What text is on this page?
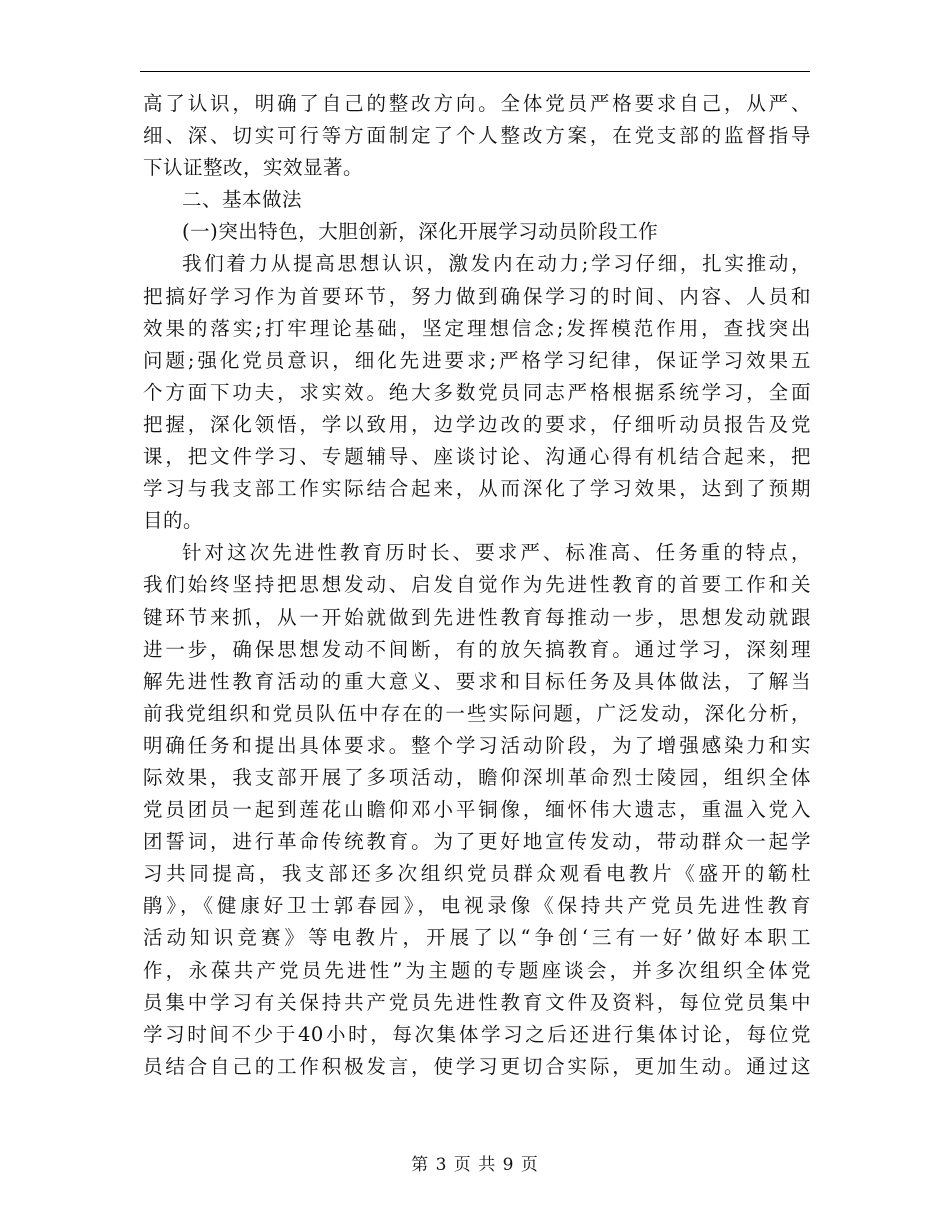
高了认识，明确了自己的整改方向。全体党员严格要求自己，从严、
细、深、切实可行等方面制定了个人整改方案，在党支部的监督指导
下认证整改，实效显著。
二、基本做法
(一)突出特色，大胆创新，深化开展学习动员阶段工作
我们着力从提高思想认识，激发内在动力;学习仔细，扎实推动，
把搞好学习作为首要环节，努力做到确保学习的时间、内容、人员和
效果的落实;打牢理论基础，坚定理想信念;发挥模范作用，查找突出
问题;强化党员意识，细化先进要求;严格学习纪律，保证学习效果五
个方面下功夫，求实效。绝大多数党员同志严格根据系统学习，全面
把握，深化领悟，学以致用，边学边改的要求，仔细听动员报告及党
课，把文件学习、专题辅导、座谈讨论、沟通心得有机结合起来，把
学习与我支部工作实际结合起来，从而深化了学习效果，达到了预期
目的。
针对这次先进性教育历时长、要求严、标准高、任务重的特点，
我们始终坚持把思想发动、启发自觉作为先进性教育的首要工作和关
键环节来抓，从一开始就做到先进性教育每推动一步，思想发动就跟
进一步，确保思想发动不间断，有的放矢搞教育。通过学习，深刻理
解先进性教育活动的重大意义、要求和目标任务及具体做法，了解当
前我党组织和党员队伍中存在的一些实际问题，广泛发动，深化分析，
明确任务和提出具体要求。整个学习活动阶段，为了增强感染力和实
际效果，我支部开展了多项活动，瞻仰深圳革命烈士陵园，组织全体
党员团员一起到莲花山瞻仰邓小平铜像，缅怀伟大遗志，重温入党入
团誓词，进行革命传统教育。为了更好地宣传发动，带动群众一起学
习共同提高，我支部还多次组织党员群众观看电教片《盛开的簕杜
鹃》，《健康好卫士郭春园》，电视录像《保持共产党员先进性教育
活动知识竞赛》等电教片，开展了以“争创‘三有一好’做好本职工
作，永葆共产党员先进性”为主题的专题座谈会，并多次组织全体党
员集中学习有关保持共产党员先进性教育文件及资料，每位党员集中
学习时间不少于40小时，每次集体学习之后还进行集体讨论，每位党
员结合自己的工作积极发言，使学习更切合实际，更加生动。通过这
第 3 页 共 9 页
